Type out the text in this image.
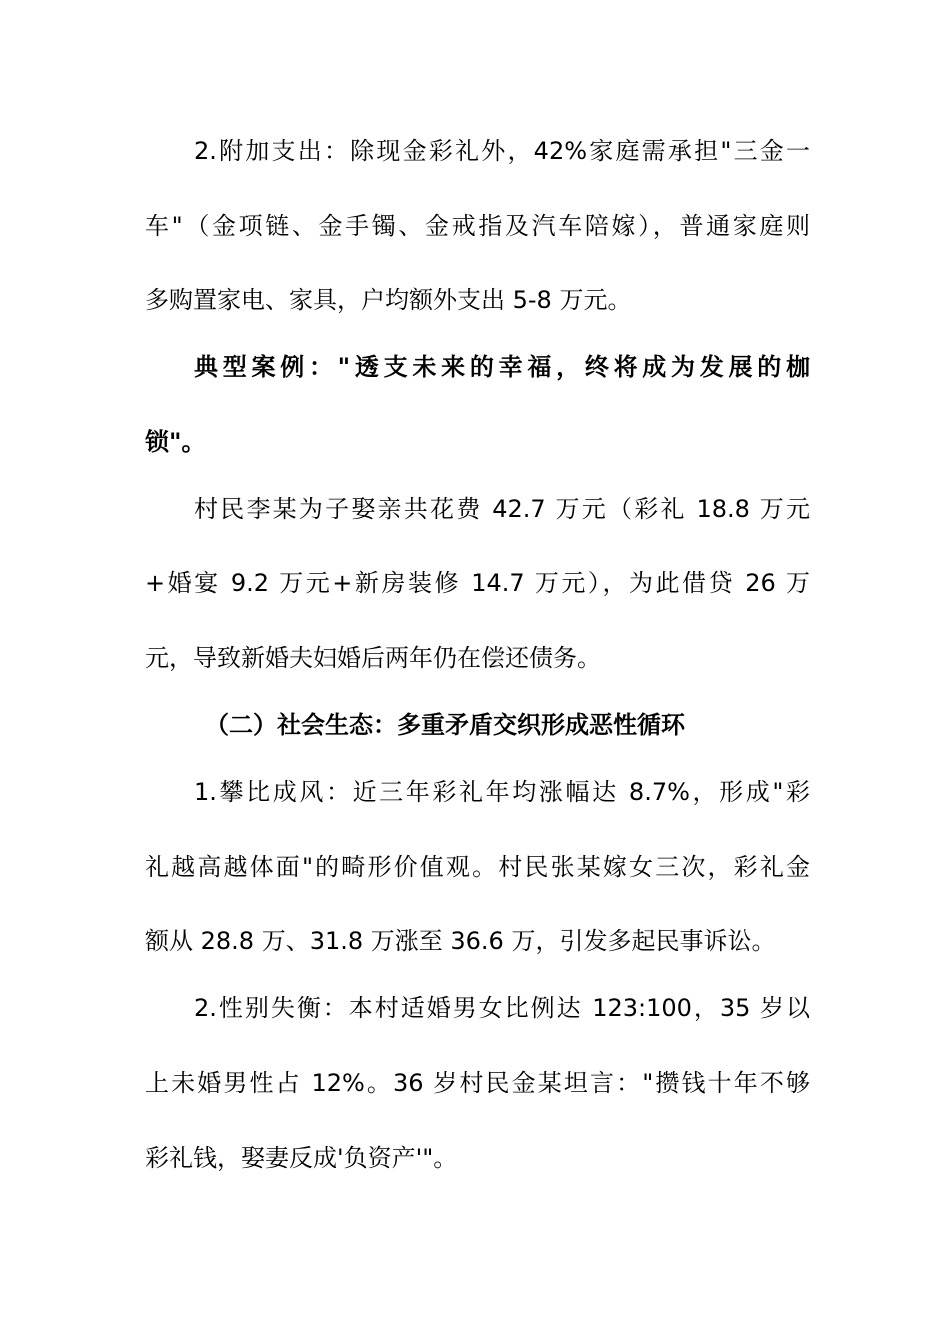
2.附加支出：除现金彩礼外，42%家庭需承担"三金一
车"（金项链、金手镯、金戒指及汽车陪嫁），普通家庭则
多购置家电、家具，户均额外支出 5-8 万元。
典型案例："透支未来的幸福，终将成为发展的枷
锁"。
村民李某为子娶亲共花费 42.7 万元（彩礼 18.8 万元
+婚宴 9.2 万元+新房装修 14.7 万元），为此借贷 26 万
元，导致新婚夫妇婚后两年仍在偿还债务。
（二）社会生态：多重矛盾交织形成恶性循环
1.攀比成风：近三年彩礼年均涨幅达 8.7%，形成"彩
礼越高越体面"的畸形价值观。村民张某嫁女三次，彩礼金
额从 28.8 万、31.8 万涨至 36.6 万，引发多起民事诉讼。
2.性别失衡：本村适婚男女比例达 123:100，35 岁以
上未婚男性占 12%。36 岁村民金某坦言："攒钱十年不够
彩礼钱，娶妻反成'负资产'"。
